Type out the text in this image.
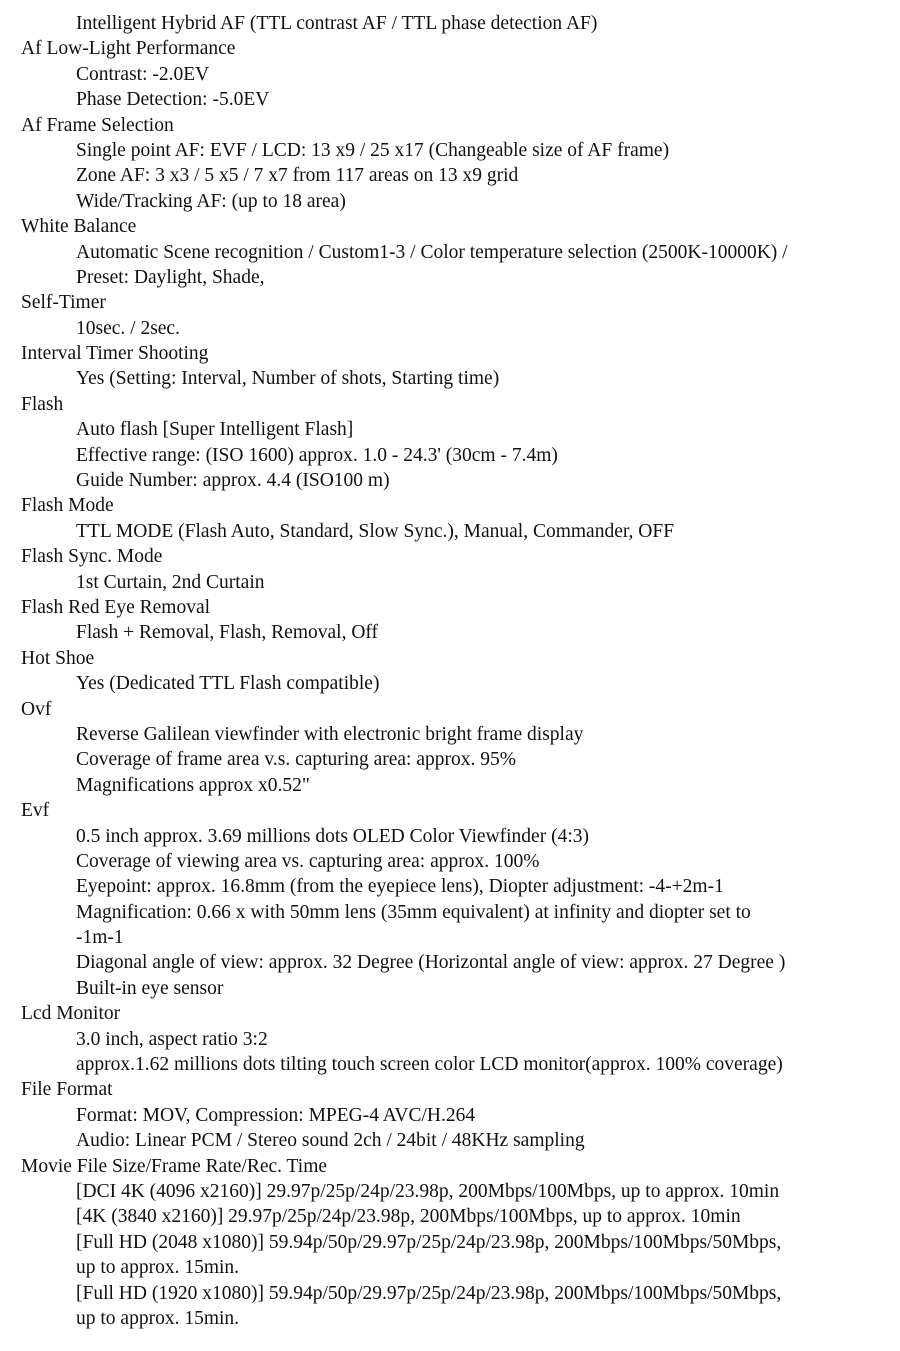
Intelligent Hybrid AF (TTL contrast AF / TTL phase detection AF)
Af Low-Light Performance
Contrast: -2.0EV
Phase Detection: -5.0EV
Af Frame Selection
Single point AF: EVF / LCD: 13 x9 / 25 x17 (Changeable size of AF frame)
Zone AF: 3 x3 / 5 x5 / 7 x7 from 117 areas on 13 x9 grid
Wide/Tracking AF: (up to 18 area)
White Balance
Automatic Scene recognition / Custom1-3 / Color temperature selection (2500K-10000K) /
Preset: Daylight, Shade,
Self-Timer
10sec. / 2sec.
Interval Timer Shooting
Yes (Setting: Interval, Number of shots, Starting time)
Flash
Auto flash [Super Intelligent Flash]
Effective range: (ISO 1600) approx. 1.0 - 24.3' (30cm - 7.4m)
Guide Number: approx. 4.4 (ISO100 m)
Flash Mode
TTL MODE (Flash Auto, Standard, Slow Sync.), Manual, Commander, OFF
Flash Sync. Mode
1st Curtain, 2nd Curtain
Flash Red Eye Removal
Flash + Removal, Flash, Removal, Off
Hot Shoe
Yes (Dedicated TTL Flash compatible)
Ovf
Reverse Galilean viewfinder with electronic bright frame display
Coverage of frame area v.s. capturing area: approx. 95%
Magnifications approx x0.52"
Evf
0.5 inch approx. 3.69 millions dots OLED Color Viewfinder (4:3)
Coverage of viewing area vs. capturing area: approx. 100%
Eyepoint: approx. 16.8mm (from the eyepiece lens), Diopter adjustment: -4-+2m-1
Magnification: 0.66 x with 50mm lens (35mm equivalent) at infinity and diopter set to
-1m-1
Diagonal angle of view: approx. 32 Degree (Horizontal angle of view: approx. 27 Degree )
Built-in eye sensor
Lcd Monitor
3.0 inch, aspect ratio 3:2
approx.1.62 millions dots tilting touch screen color LCD monitor(approx. 100% coverage)
File Format
Format: MOV, Compression: MPEG-4 AVC/H.264
Audio: Linear PCM / Stereo sound 2ch / 24bit / 48KHz sampling
Movie File Size/Frame Rate/Rec. Time
[DCI 4K (4096 x2160)] 29.97p/25p/24p/23.98p, 200Mbps/100Mbps, up to approx. 10min
[4K (3840 x2160)] 29.97p/25p/24p/23.98p, 200Mbps/100Mbps, up to approx. 10min
[Full HD (2048 x1080)] 59.94p/50p/29.97p/25p/24p/23.98p, 200Mbps/100Mbps/50Mbps,
up to approx. 15min.
[Full HD (1920 x1080)] 59.94p/50p/29.97p/25p/24p/23.98p, 200Mbps/100Mbps/50Mbps,
up to approx. 15min.
